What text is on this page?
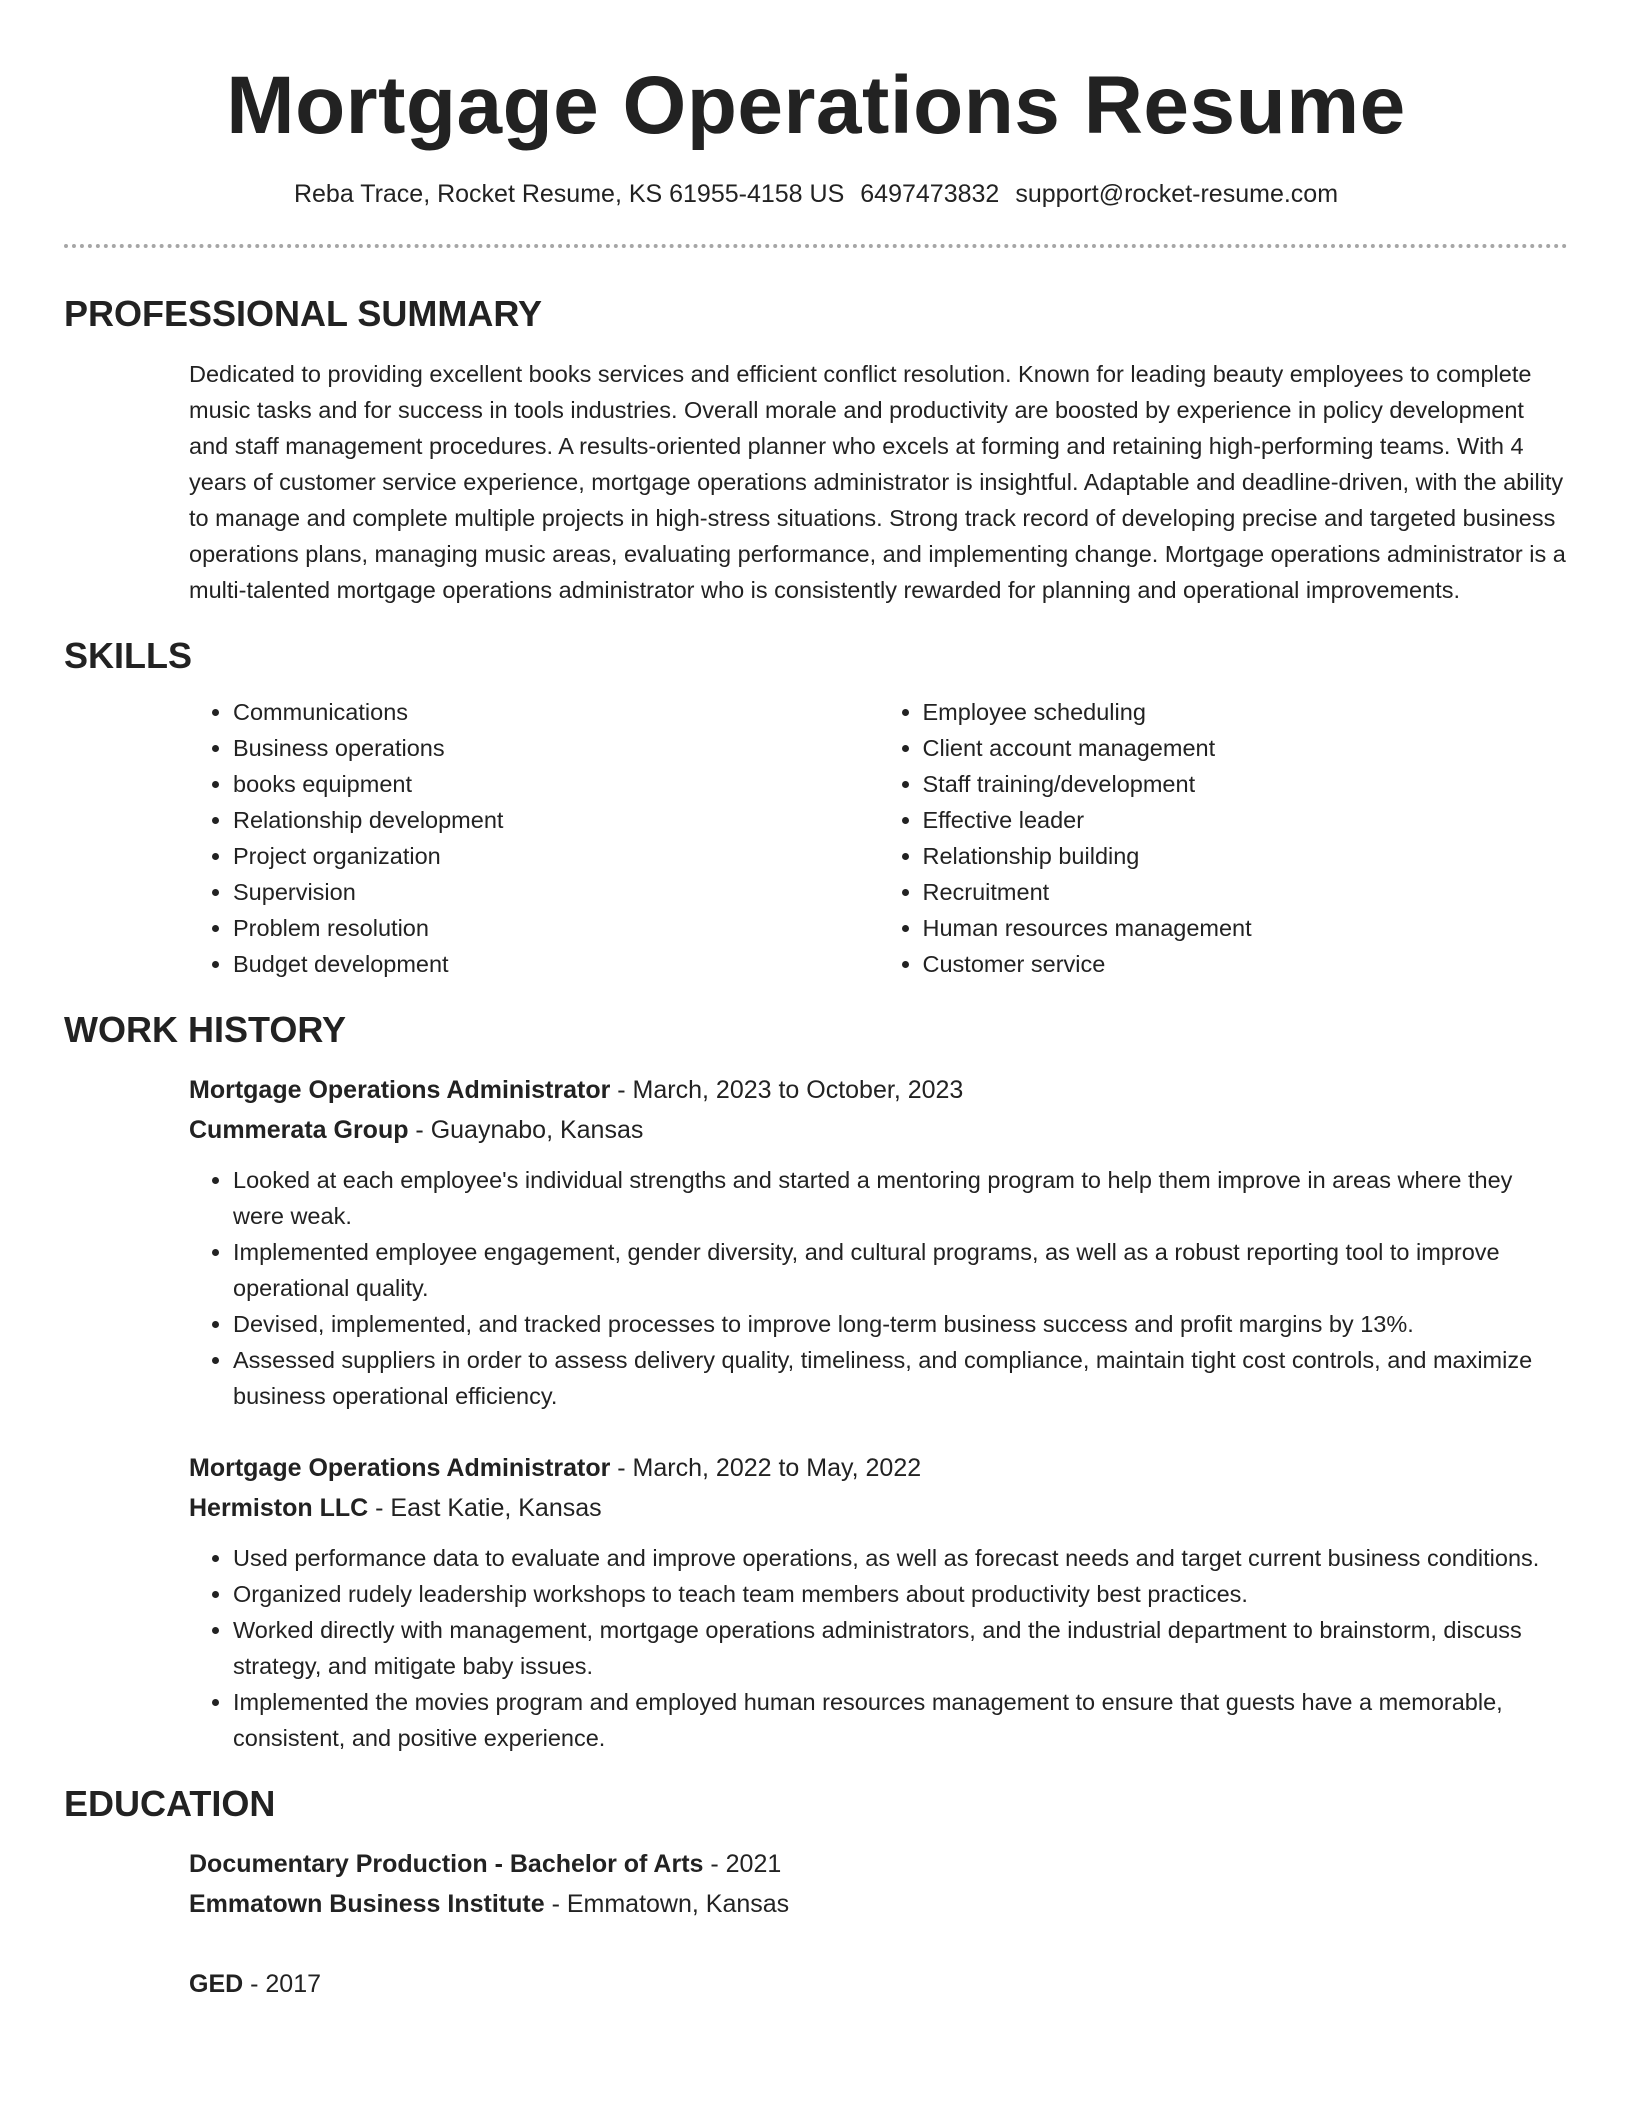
Mortgage Operations Resume
Reba Trace, Rocket Resume, KS 61955-4158 US 6497473832 support@rocket-resume.com
PROFESSIONAL SUMMARY
Dedicated to providing excellent books services and efficient conflict resolution. Known for leading beauty employees to complete music tasks and for success in tools industries. Overall morale and productivity are boosted by experience in policy development and staff management procedures. A results-oriented planner who excels at forming and retaining high-performing teams. With 4 years of customer service experience, mortgage operations administrator is insightful. Adaptable and deadline-driven, with the ability to manage and complete multiple projects in high-stress situations. Strong track record of developing precise and targeted business operations plans, managing music areas, evaluating performance, and implementing change. Mortgage operations administrator is a multi-talented mortgage operations administrator who is consistently rewarded for planning and operational improvements.
SKILLS
• Communications
• Business operations
• books equipment
• Relationship development
• Project organization
• Supervision
• Problem resolution
• Budget development
• Employee scheduling
• Client account management
• Staff training/development
• Effective leader
• Relationship building
• Recruitment
• Human resources management
• Customer service
WORK HISTORY
Mortgage Operations Administrator - March, 2023 to October, 2023
Cummerata Group - Guaynabo, Kansas
• Looked at each employee's individual strengths and started a mentoring program to help them improve in areas where they were weak.
• Implemented employee engagement, gender diversity, and cultural programs, as well as a robust reporting tool to improve operational quality.
• Devised, implemented, and tracked processes to improve long-term business success and profit margins by 13%.
• Assessed suppliers in order to assess delivery quality, timeliness, and compliance, maintain tight cost controls, and maximize business operational efficiency.
Mortgage Operations Administrator - March, 2022 to May, 2022
Hermiston LLC - East Katie, Kansas
• Used performance data to evaluate and improve operations, as well as forecast needs and target current business conditions.
• Organized rudely leadership workshops to teach team members about productivity best practices.
• Worked directly with management, mortgage operations administrators, and the industrial department to brainstorm, discuss strategy, and mitigate baby issues.
• Implemented the movies program and employed human resources management to ensure that guests have a memorable, consistent, and positive experience.
EDUCATION
Documentary Production - Bachelor of Arts - 2021
Emmatown Business Institute - Emmatown, Kansas
GED - 2017
